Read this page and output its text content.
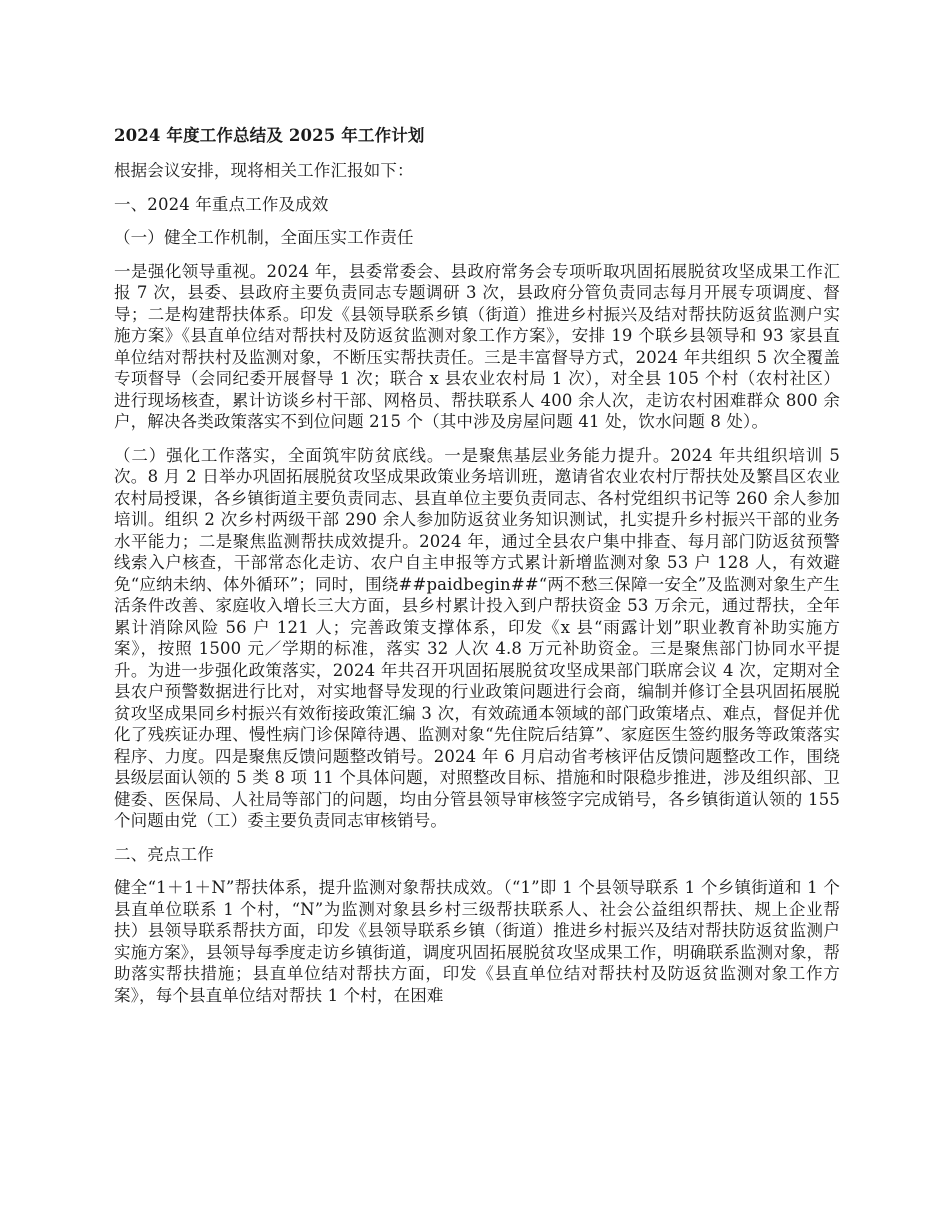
2024 年度工作总结及 2025 年工作计划
根据会议安排，现将相关工作汇报如下：
一、2024 年重点工作及成效
（一）健全工作机制，全面压实工作责任
一是强化领导重视。2024 年，县委常委会、县政府常务会专项听取巩固拓展脱贫攻坚成果工作汇报 7 次，县委、县政府主要负责同志专题调研 3 次，县政府分管负责同志每月开展专项调度、督导；二是构建帮扶体系。印发《县领导联系乡镇（街道）推进乡村振兴及结对帮扶防返贫监测户实施方案》《县直单位结对帮扶村及防返贫监测对象工作方案》，安排 19 个联乡县领导和 93 家县直单位结对帮扶村及监测对象，不断压实帮扶责任。三是丰富督导方式，2024 年共组织 5 次全覆盖专项督导（会同纪委开展督导 1 次；联合 x 县农业农村局 1 次），对全县 105 个村（农村社区）进行现场核查，累计访谈乡村干部、网格员、帮扶联系人 400 余人次，走访农村困难群众 800 余户，解决各类政策落实不到位问题 215 个（其中涉及房屋问题 41 处，饮水问题 8 处）。
（二）强化工作落实，全面筑牢防贫底线。一是聚焦基层业务能力提升。2024 年共组织培训 5 次。8 月 2 日举办巩固拓展脱贫攻坚成果政策业务培训班，邀请省农业农村厅帮扶处及繁昌区农业农村局授课，各乡镇街道主要负责同志、县直单位主要负责同志、各村党组织书记等 260 余人参加培训。组织 2 次乡村两级干部 290 余人参加防返贫业务知识测试，扎实提升乡村振兴干部的业务水平能力；二是聚焦监测帮扶成效提升。2024 年，通过全县农户集中排查、每月部门防返贫预警线索入户核查，干部常态化走访、农户自主申报等方式累计新增监测对象 53 户 128 人，有效避免“应纳未纳、体外循环”；同时，围绕##paidbegin##“两不愁三保障一安全”及监测对象生产生活条件改善、家庭收入增长三大方面，县乡村累计投入到户帮扶资金 53 万余元，通过帮扶，全年累计消除风险 56 户 121 人；完善政策支撑体系，印发《x 县“雨露计划”职业教育补助实施方案》，按照 1500 元／学期的标准，落实 32 人次 4.8 万元补助资金。三是聚焦部门协同水平提升。为进一步强化政策落实，2024 年共召开巩固拓展脱贫攻坚成果部门联席会议 4 次，定期对全县农户预警数据进行比对，对实地督导发现的行业政策问题进行会商，编制并修订全县巩固拓展脱贫攻坚成果同乡村振兴有效衔接政策汇编 3 次，有效疏通本领域的部门政策堵点、难点，督促并优化了残疾证办理、慢性病门诊保障待遇、监测对象“先住院后结算”、家庭医生签约服务等政策落实程序、力度。四是聚焦反馈问题整改销号。2024 年 6 月启动省考核评估反馈问题整改工作，围绕县级层面认领的 5 类 8 项 11 个具体问题，对照整改目标、措施和时限稳步推进，涉及组织部、卫健委、医保局、人社局等部门的问题，均由分管县领导审核签字完成销号，各乡镇街道认领的 155 个问题由党（工）委主要负责同志审核销号。
二、亮点工作
健全“1＋1＋N”帮扶体系，提升监测对象帮扶成效。（“1”即 1 个县领导联系 1 个乡镇街道和 1 个县直单位联系 1 个村，“N”为监测对象县乡村三级帮扶联系人、社会公益组织帮扶、规上企业帮扶）县领导联系帮扶方面，印发《县领导联系乡镇（街道）推进乡村振兴及结对帮扶防返贫监测户实施方案》，县领导每季度走访乡镇街道，调度巩固拓展脱贫攻坚成果工作，明确联系监测对象，帮助落实帮扶措施；县直单位结对帮扶方面，印发《县直单位结对帮扶村及防返贫监测对象工作方案》，每个县直单位结对帮扶 1 个村，在困难
